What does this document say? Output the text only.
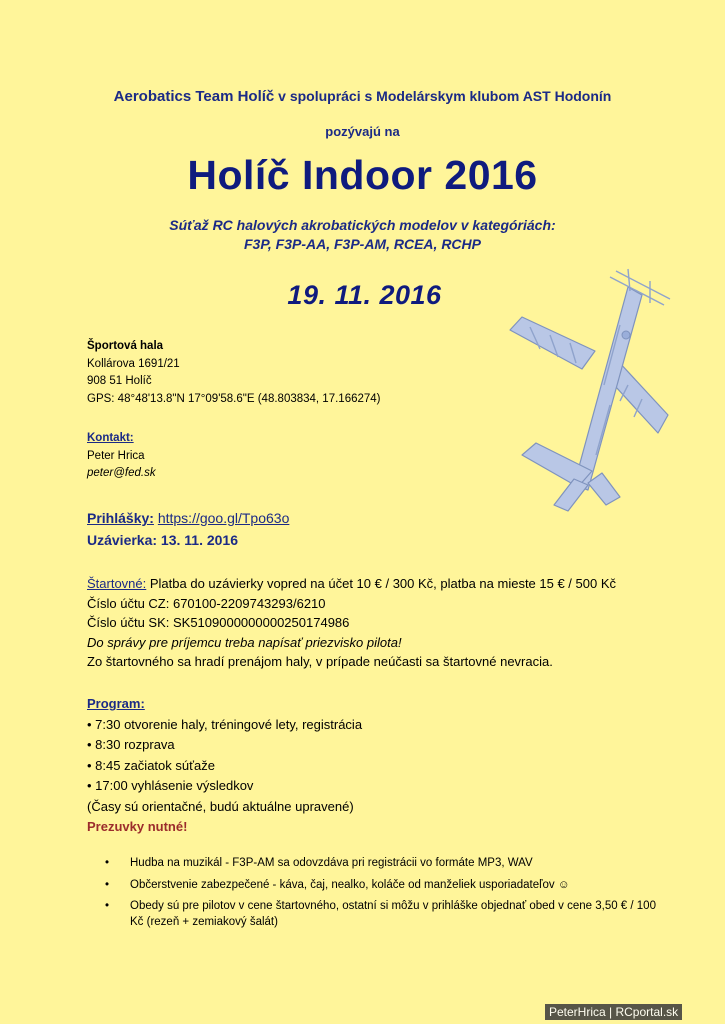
Aerobatics Team Holíč v spolupráci s Modelárskym klubom AST Hodonín
pozývajú na
Holíč Indoor 2016
Súťaž RC halových akrobatických modelov v kategóriách:
F3P, F3P-AA, F3P-AM, RCEA, RCHP
19. 11. 2016
Športová hala
Kollárova 1691/21
908 51 Holíč
GPS: 48°48'13.8"N 17°09'58.6"E (48.803834, 17.166274)
Kontakt:
Peter Hrica
peter@fed.sk
Prihlášky: https://goo.gl/Tpo63o
Uzávierka: 13. 11. 2016
Štartovné: Platba do uzávierky vopred na účet 10 € / 300 Kč, platba na mieste 15 € / 500 Kč
Číslo účtu CZ: 670100-2209743293/6210
Číslo účtu SK: SK5109000000000250174986
Do správy pre príjemcu treba napísať priezvisko pilota!
Zo štartovného sa hradí prenájom haly, v prípade neúčasti sa štartovné nevracia.
Program:
• 7:30 otvorenie haly, tréningové lety, registrácia
• 8:30 rozprava
• 8:45 začiatok súťaže
• 17:00 vyhlásenie výsledkov
(Časy sú orientačné, budú aktuálne upravené)
Prezuvky nutné!
• Hudba na muzikál - F3P-AM sa odovzdáva pri registrácii vo formáte MP3, WAV
• Občerstvenie zabezpečené - káva, čaj, nealko, koláče od manželiek usporiadateľov ☺
• Obedy sú pre pilotov v cene štartovného, ostatní si môžu v prihláške objednať obed v cene 3,50 € / 100 Kč (rezeň + zemiakový šalát)
PeterHrica | RCportal.sk
